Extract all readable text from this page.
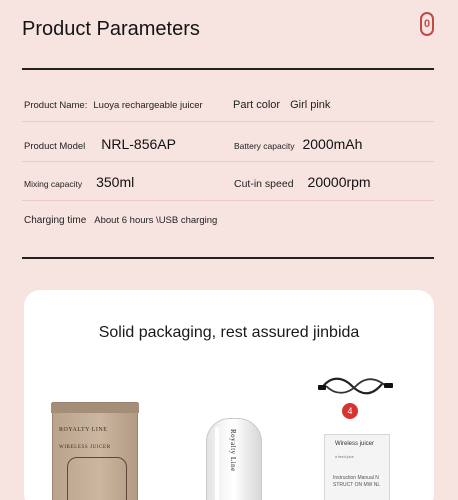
Product Parameters	0
Product Name: Luoya rechargeable juicer	Part color Girl pink
Product Model NRL-856AP	Battery capacity 2000mAh
Mixing capacity 350ml	Cut-in speed 20000rpm
Charging time About 6 hours \USB charging
Solid packaging, rest assured jinbida
ROYALTY LINE
WIRELESS JUICER	Royalty Line
4
Wireless juicer
a fresh juice
Instruction Manual N
STRUCT ON MW NL
